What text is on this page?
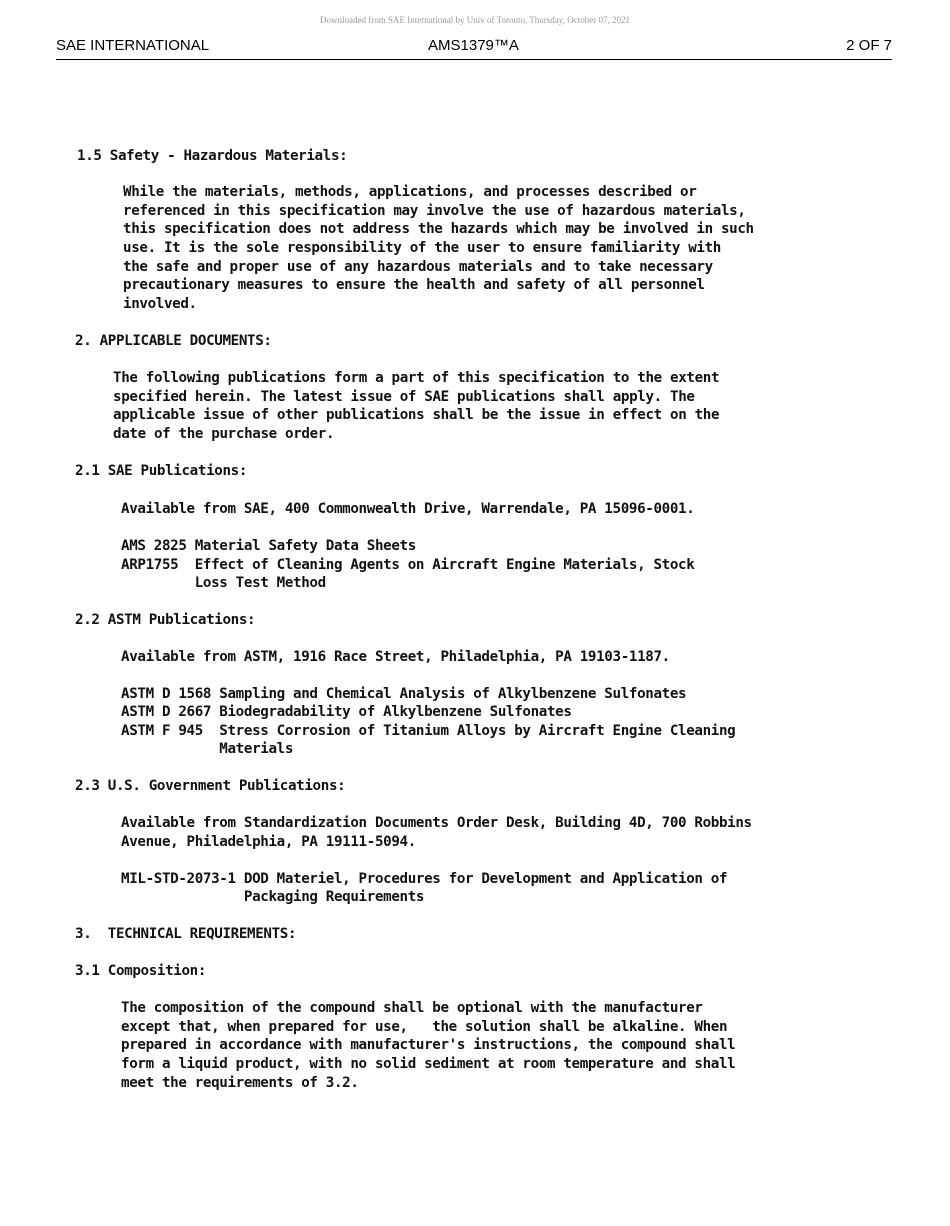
Downloaded from SAE International by Univ of Toronto, Thursday, October 07, 2021
SAE INTERNATIONAL	AMS1379™A	2 OF 7
1.5 Safety - Hazardous Materials:
While the materials, methods, applications, and processes described or
referenced in this specification may involve the use of hazardous materials,
this specification does not address the hazards which may be involved in such
use. It is the sole responsibility of the user to ensure familiarity with
the safe and proper use of any hazardous materials and to take necessary
precautionary measures to ensure the health and safety of all personnel
involved.
2. APPLICABLE DOCUMENTS:
The following publications form a part of this specification to the extent
specified herein. The latest issue of SAE publications shall apply. The
applicable issue of other publications shall be the issue in effect on the
date of the purchase order.
2.1 SAE Publications:
Available from SAE, 400 Commonwealth Drive, Warrendale, PA 15096-0001.
AMS 2825 Material Safety Data Sheets
ARP1755  Effect of Cleaning Agents on Aircraft Engine Materials, Stock
Loss Test Method
2.2 ASTM Publications:
Available from ASTM, 1916 Race Street, Philadelphia, PA 19103-1187.
ASTM D 1568 Sampling and Chemical Analysis of Alkylbenzene Sulfonates
ASTM D 2667 Biodegradability of Alkylbenzene Sulfonates
ASTM F 945  Stress Corrosion of Titanium Alloys by Aircraft Engine Cleaning
Materials
2.3 U.S. Government Publications:
Available from Standardization Documents Order Desk, Building 4D, 700 Robbins
Avenue, Philadelphia, PA 19111-5094.
MIL-STD-2073-1 DOD Materiel, Procedures for Development and Application of
Packaging Requirements
3.  TECHNICAL REQUIREMENTS:
3.1 Composition:
The composition of the compound shall be optional with the manufacturer
except that, when prepared for use,   the solution shall be alkaline. When
prepared in accordance with manufacturer's instructions, the compound shall
form a liquid product, with no solid sediment at room temperature and shall
meet the requirements of 3.2.
